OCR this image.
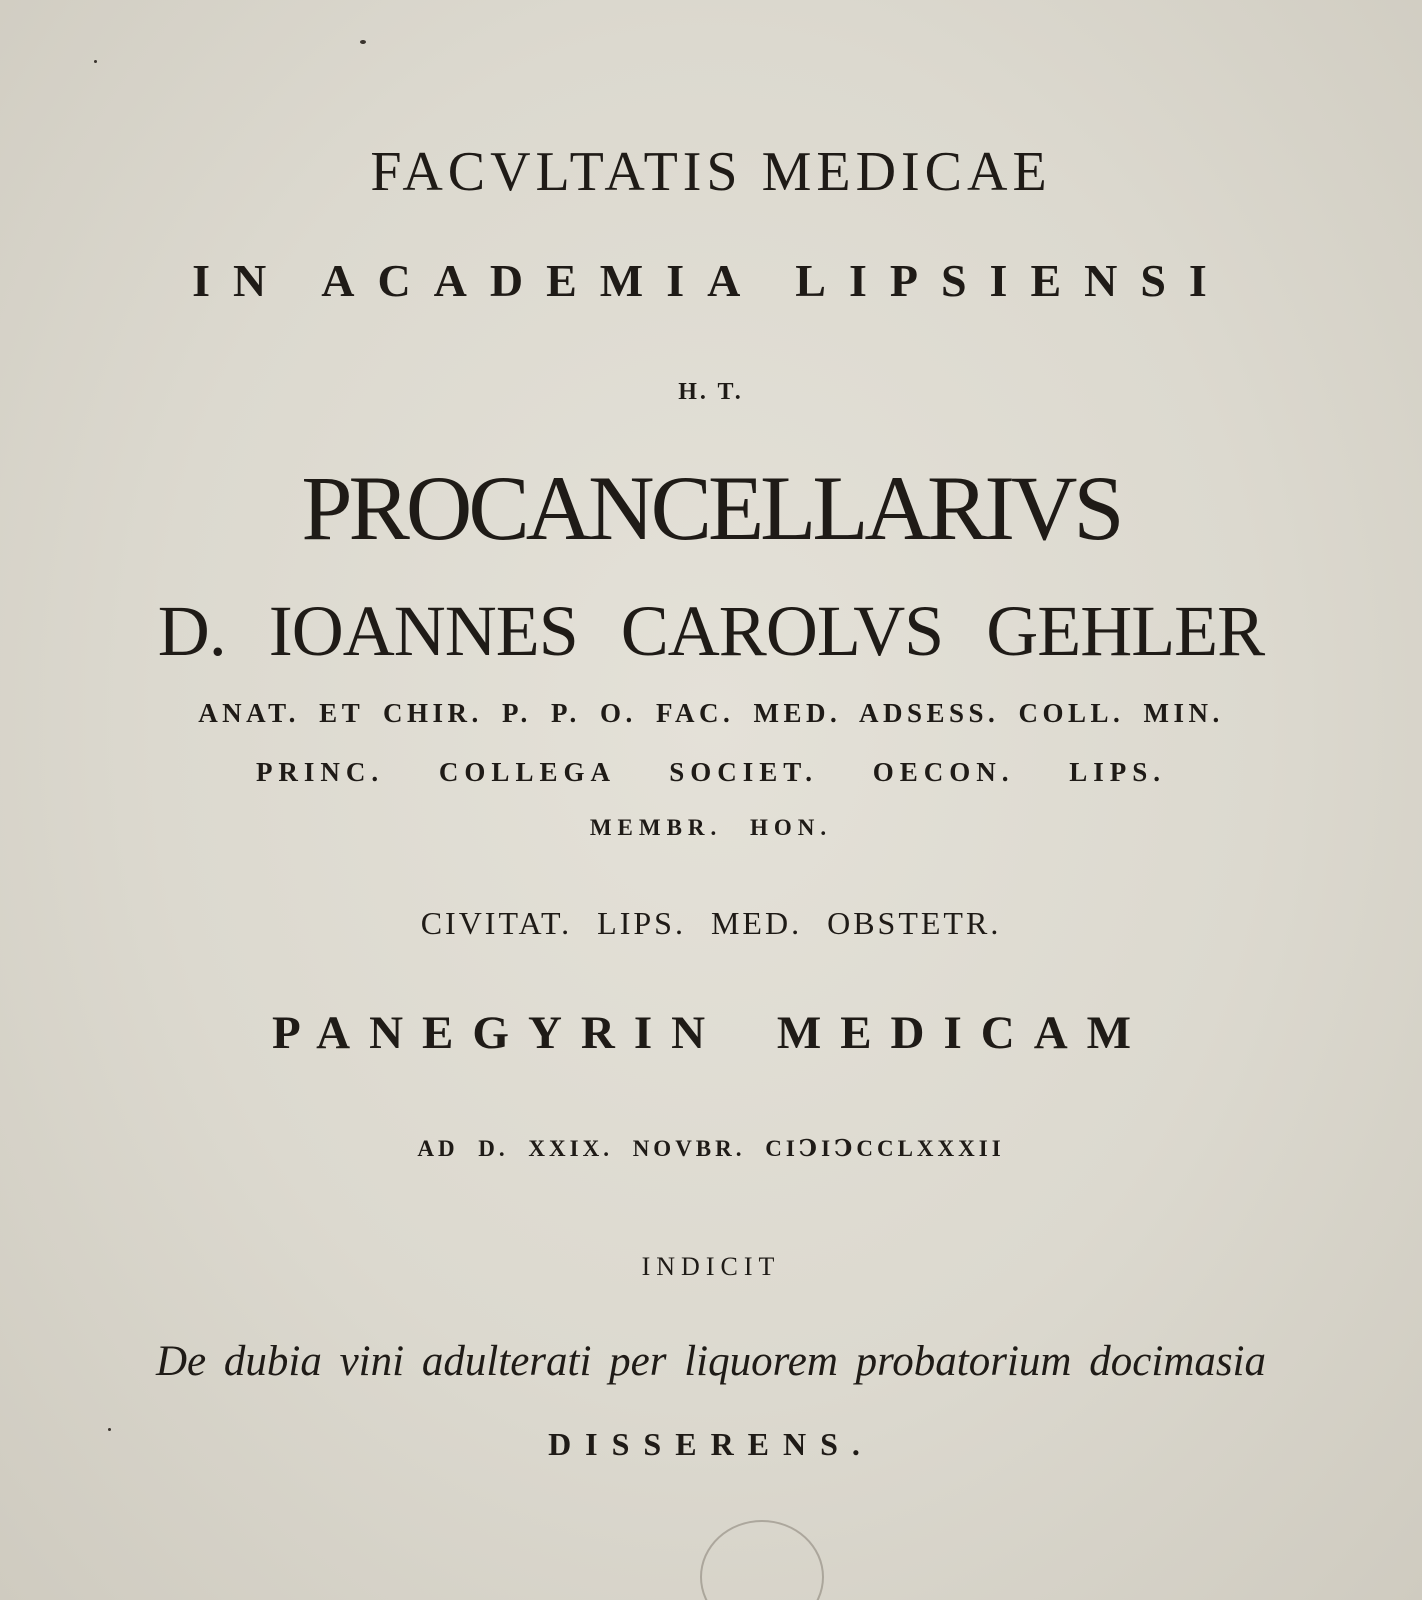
FACVLTATIS MEDICAE
IN ACADEMIA LIPSIENSI
H. T.
PROCANCELLARIVS
D. IOANNES CAROLVS GEHLER
ANAT. ET CHIR. P. P. O. FAC. MED. ADSESS. COLL. MIN.
PRINC. COLLEGA SOCIET. OECON. LIPS.
MEMBR. HON.
CIVITAT. LIPS. MED. OBSTETR.
PANEGYRIN MEDICAM
AD D. XXIX. NOVBR. CIↃIↃCCLXXXII
INDICIT
De dubia vini adulterati per liquorem probatorium docimasia
DISSERENS.
